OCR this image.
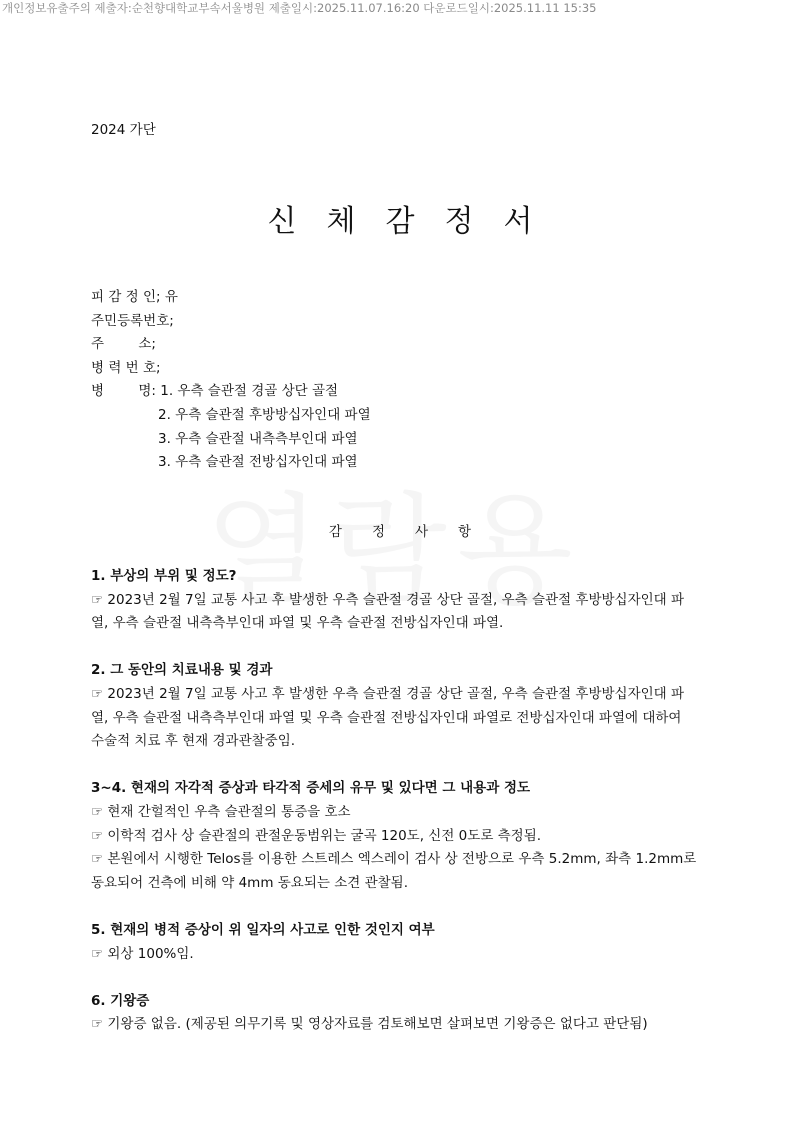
개인정보유출주의 제출자:순천향대학교부속서울병원 제출일시:2025.11.07.16:20 다운로드일시:2025.11.11 15:35
2024 가단
신체감정서
피 감 정 인; 유
주민등록번호;
주        소;
병 력 번 호;
병        명: 1. 우측 슬관절 경골 상단 골절
2. 우측 슬관절 후방방십자인대 파열
3. 우측 슬관절 내측측부인대 파열
3. 우측 슬관절 전방십자인대 파열
감정사항
1. 부상의 부위 및 정도?
☞ 2023년 2월 7일 교통 사고 후 발생한 우측 슬관절 경골 상단 골절, 우측 슬관절 후방방십자인대 파
열, 우측 슬관절 내측측부인대 파열 및 우측 슬관절 전방십자인대 파열.
2. 그 동안의 치료내용 및 경과
☞ 2023년 2월 7일 교통 사고 후 발생한 우측 슬관절 경골 상단 골절, 우측 슬관절 후방방십자인대 파
열, 우측 슬관절 내측측부인대 파열 및 우측 슬관절 전방십자인대 파열로 전방십자인대 파열에 대하여
수술적 치료 후 현재 경과관찰중임.
3~4. 현재의 자각적 증상과 타각적 증세의 유무 및 있다면 그 내용과 정도
☞ 현재 간헐적인 우측 슬관절의 통증을 호소
☞ 이학적 검사 상 슬관절의 관절운동범위는 굴곡 120도, 신전 0도로 측정됨.
☞ 본원에서 시행한 Telos를 이용한 스트레스 엑스레이 검사 상 전방으로 우측 5.2mm, 좌측 1.2mm로
동요되어 건측에 비해 약 4mm 동요되는 소견 관찰됨.
5. 현재의 병적 증상이 위 일자의 사고로 인한 것인지 여부
☞ 외상 100%임.
6. 기왕증
☞ 기왕증 없음. (제공된 의무기록 및 영상자료를 검토해보면 살펴보면 기왕증은 없다고 판단됨)
